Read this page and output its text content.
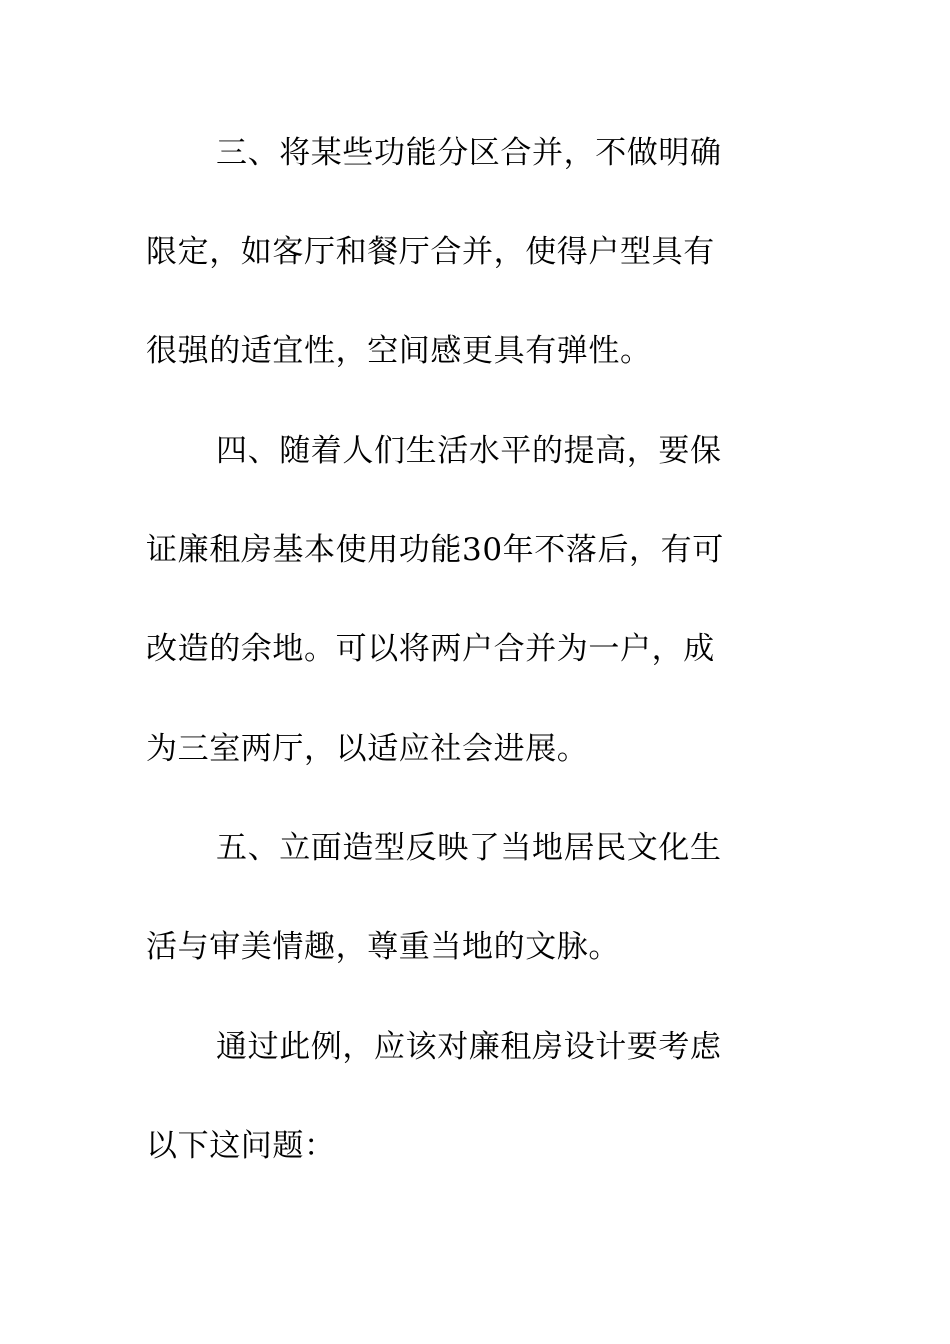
三、将某些功能分区合并，不做明确
限定，如客厅和餐厅合并，使得户型具有
很强的适宜性，空间感更具有弹性。
四、随着人们生活水平的提高，要保
证廉租房基本使用功能30年不落后，有可
改造的余地。可以将两户合并为一户，成
为三室两厅，以适应社会进展。
五、立面造型反映了当地居民文化生
活与审美情趣，尊重当地的文脉。
通过此例，应该对廉租房设计要考虑
以下这问题：
